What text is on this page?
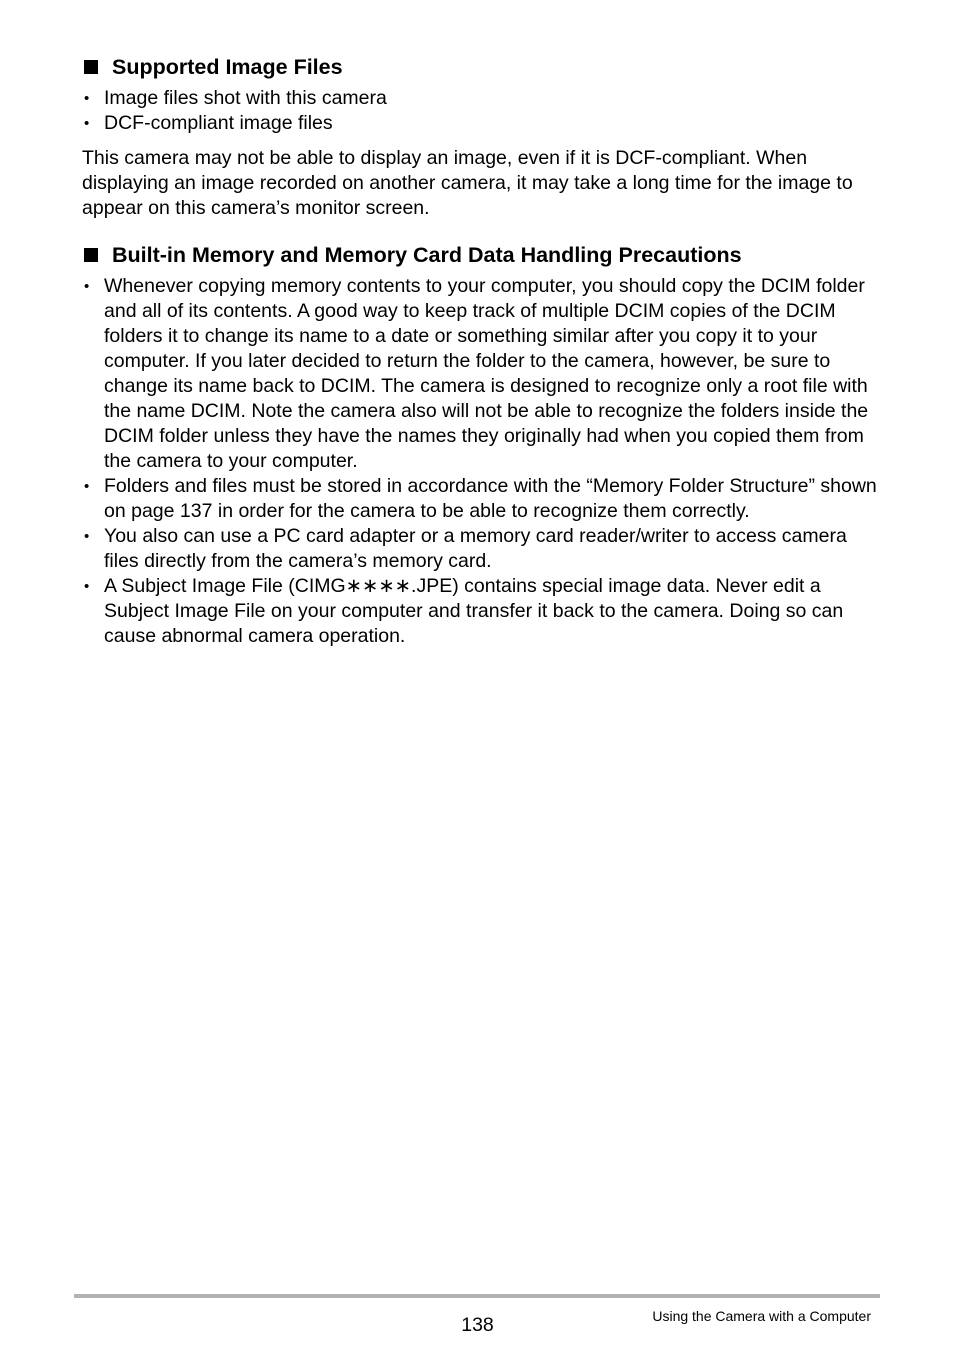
Supported Image Files
• Image files shot with this camera
• DCF-compliant image files

This camera may not be able to display an image, even if it is DCF-compliant. When displaying an image recorded on another camera, it may take a long time for the image to appear on this camera’s monitor screen.

Built-in Memory and Memory Card Data Handling Precautions
• Whenever copying memory contents to your computer, you should copy the DCIM folder and all of its contents. A good way to keep track of multiple DCIM copies of the DCIM folders it to change its name to a date or something similar after you copy it to your computer. If you later decided to return the folder to the camera, however, be sure to change its name back to DCIM. The camera is designed to recognize only a root file with the name DCIM. Note the camera also will not be able to recognize the folders inside the DCIM folder unless they have the names they originally had when you copied them from the camera to your computer.
• Folders and files must be stored in accordance with the “Memory Folder Structure” shown on page 137 in order for the camera to be able to recognize them correctly.
• You also can use a PC card adapter or a memory card reader/writer to access camera files directly from the camera’s memory card.
• A Subject Image File (CIMG∗∗∗∗.JPE) contains special image data. Never edit a Subject Image File on your computer and transfer it back to the camera. Doing so can cause abnormal camera operation.
138	Using the Camera with a Computer
